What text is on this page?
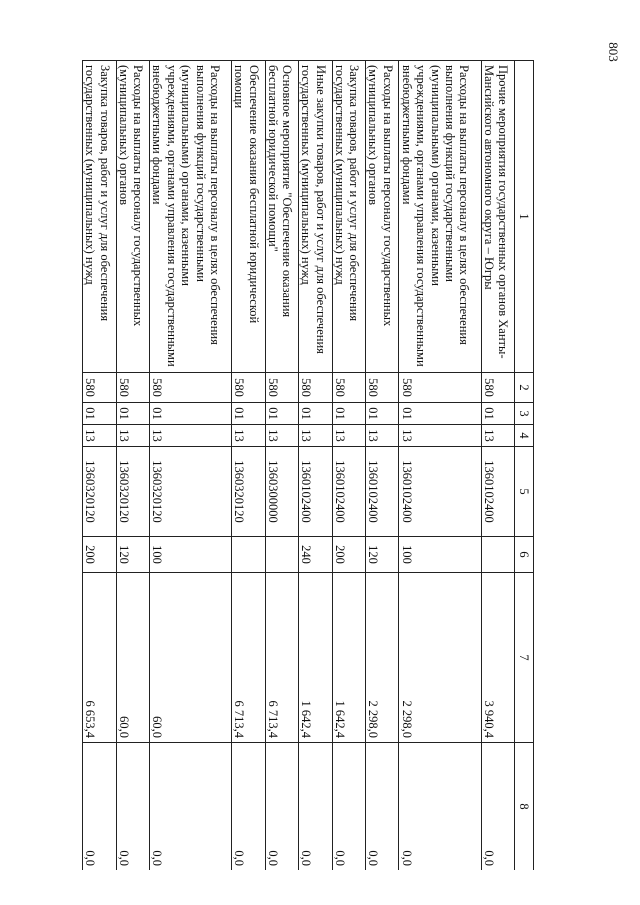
803
1	2	3	4	5	6	7	8
Прочие мероприятия государственных органов Ханты-Мансийского автономного округа – Югры	580	01	13	1360102400		3 940,4	0,0
Расходы на выплаты персоналу в целях обеспечения выполнения функций государственными (муниципальными) органами, казенными учреждениями, органами управления государственными внебюджетными фондами	580	01	13	1360102400	100	2 298,0	0,0
Расходы на выплаты персоналу государственных (муниципальных) органов	580	01	13	1360102400	120	2 298,0	0,0
Закупка товаров, работ и услуг для обеспечения государственных (муниципальных) нужд	580	01	13	1360102400	200	1 642,4	0,0
Иные закупки товаров, работ и услуг для обеспечения государственных (муниципальных) нужд	580	01	13	1360102400	240	1 642,4	0,0
Основное мероприятие "Обеспечение оказания бесплатной юридической помощи"	580	01	13	1360300000		6 713,4	0,0
Обеспечение оказания бесплатной юридической помощи	580	01	13	1360320120		6 713,4	0,0
Расходы на выплаты персоналу в целях обеспечения выполнения функций государственными (муниципальными) органами, казенными учреждениями, органами управления государственными внебюджетными фондами	580	01	13	1360320120	100	60,0	0,0
Расходы на выплаты персоналу государственных (муниципальных) органов	580	01	13	1360320120	120	60,0	0,0
Закупка товаров, работ и услуг для обеспечения государственных (муниципальных) нужд	580	01	13	1360320120	200	6 653,4	0,0
